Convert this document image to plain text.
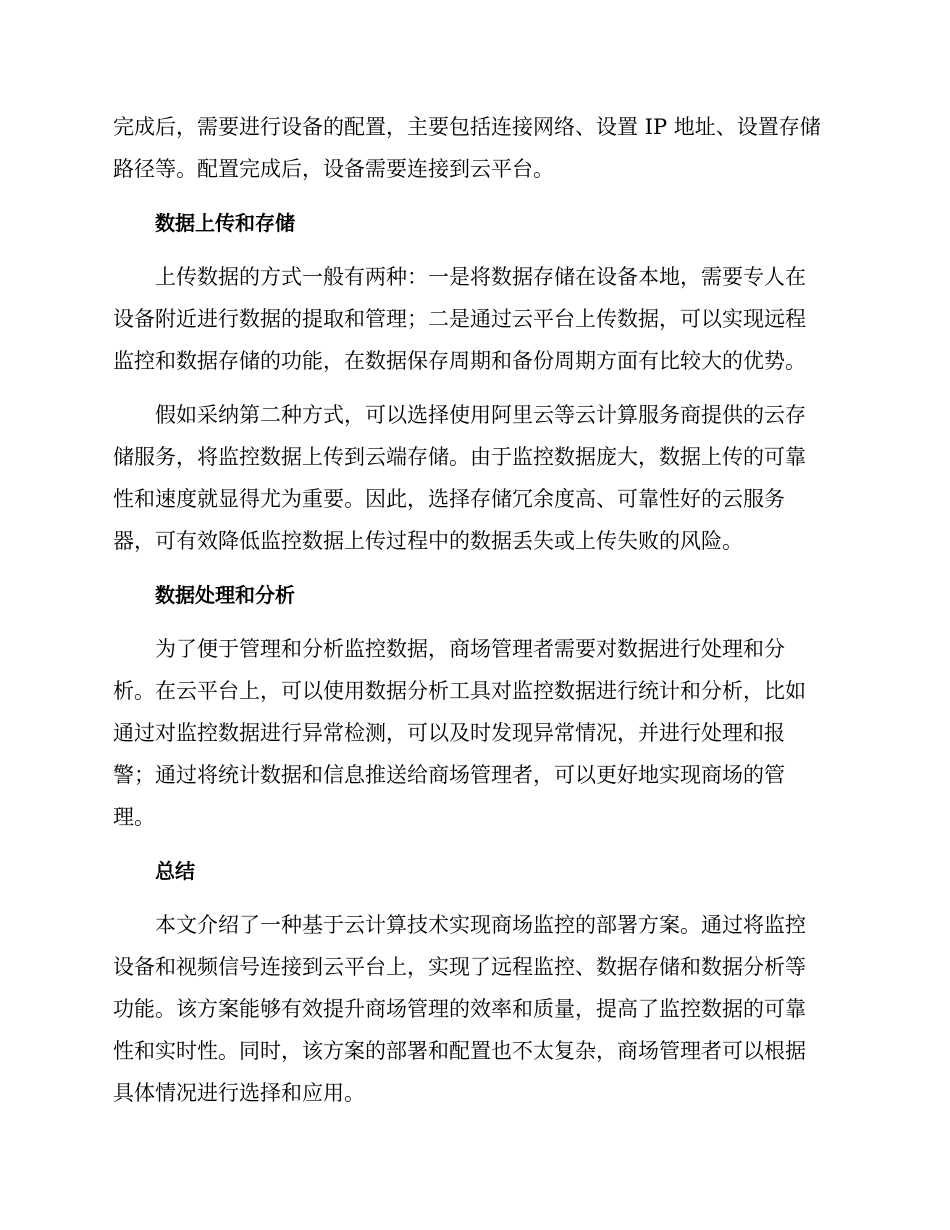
完成后，需要进行设备的配置，主要包括连接网络、设置 IP 地址、设置存储
路径等。配置完成后，设备需要连接到云平台。

数据上传和存储

上传数据的方式一般有两种：一是将数据存储在设备本地，需要专人在
设备附近进行数据的提取和管理；二是通过云平台上传数据，可以实现远程
监控和数据存储的功能，在数据保存周期和备份周期方面有比较大的优势。

假如采纳第二种方式，可以选择使用阿里云等云计算服务商提供的云存
储服务，将监控数据上传到云端存储。由于监控数据庞大，数据上传的可靠
性和速度就显得尤为重要。因此，选择存储冗余度高、可靠性好的云服务
器，可有效降低监控数据上传过程中的数据丢失或上传失败的风险。

数据处理和分析

为了便于管理和分析监控数据，商场管理者需要对数据进行处理和分
析。在云平台上，可以使用数据分析工具对监控数据进行统计和分析，比如
通过对监控数据进行异常检测，可以及时发现异常情况，并进行处理和报
警；通过将统计数据和信息推送给商场管理者，可以更好地实现商场的管
理。

总结

本文介绍了一种基于云计算技术实现商场监控的部署方案。通过将监控
设备和视频信号连接到云平台上，实现了远程监控、数据存储和数据分析等
功能。该方案能够有效提升商场管理的效率和质量，提高了监控数据的可靠
性和实时性。同时，该方案的部署和配置也不太复杂，商场管理者可以根据
具体情况进行选择和应用。
